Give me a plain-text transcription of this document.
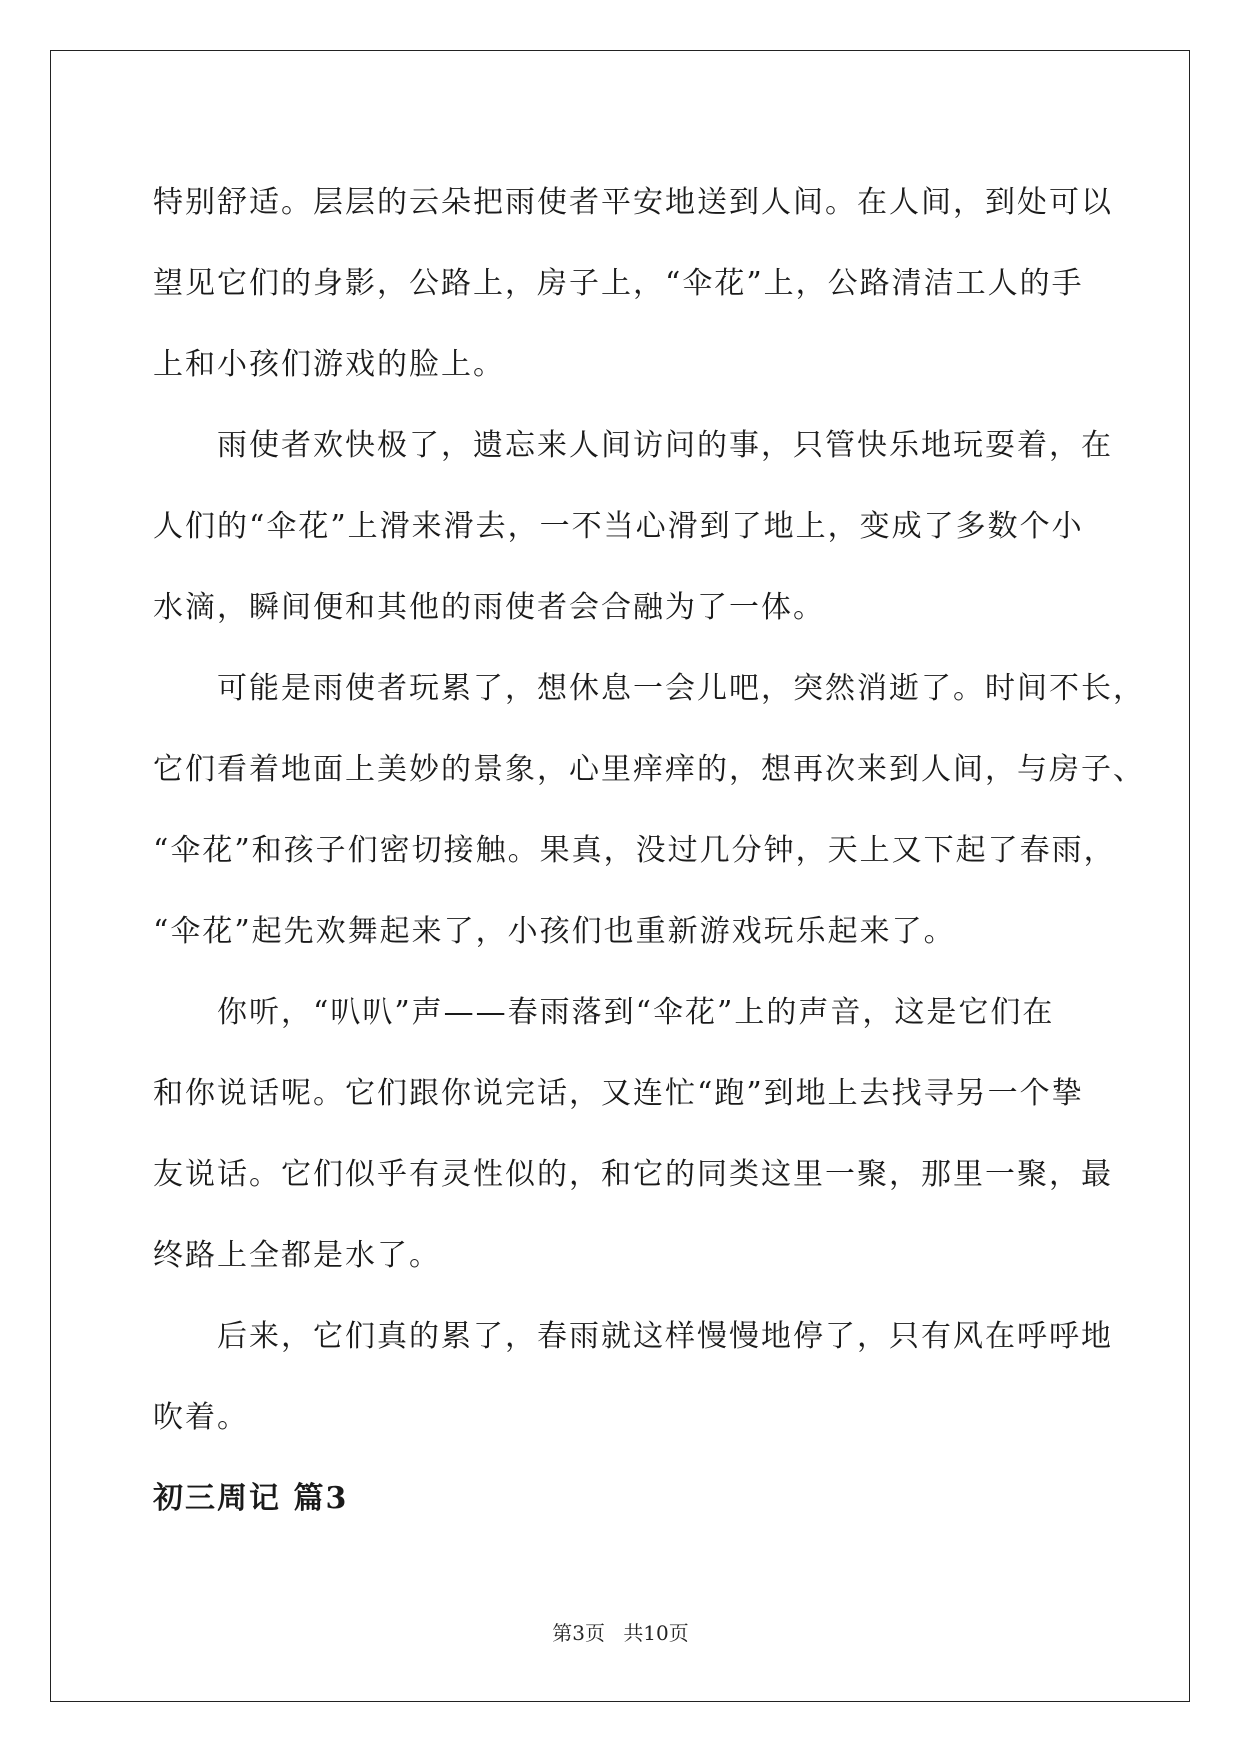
特别舒适。层层的云朵把雨使者平安地送到人间。在人间，到处可以
望见它们的身影，公路上，房子上，“伞花”上，公路清洁工人的手
上和小孩们游戏的脸上。

　　雨使者欢快极了，遗忘来人间访问的事，只管快乐地玩耍着，在
人们的“伞花”上滑来滑去，一不当心滑到了地上，变成了多数个小
水滴，瞬间便和其他的雨使者会合融为了一体。

　　可能是雨使者玩累了，想休息一会儿吧，突然消逝了。时间不长，
它们看着地面上美妙的景象，心里痒痒的，想再次来到人间，与房子、
“伞花”和孩子们密切接触。果真，没过几分钟，天上又下起了春雨，
“伞花”起先欢舞起来了，小孩们也重新游戏玩乐起来了。

　　你听，“叭叭”声——春雨落到“伞花”上的声音，这是它们在
和你说话呢。它们跟你说完话，又连忙“跑”到地上去找寻另一个挚
友说话。它们似乎有灵性似的，和它的同类这里一聚，那里一聚，最
终路上全都是水了。

　　后来，它们真的累了，春雨就这样慢慢地停了，只有风在呼呼地
吹着。

初三周记 篇3
第3页 共10页
